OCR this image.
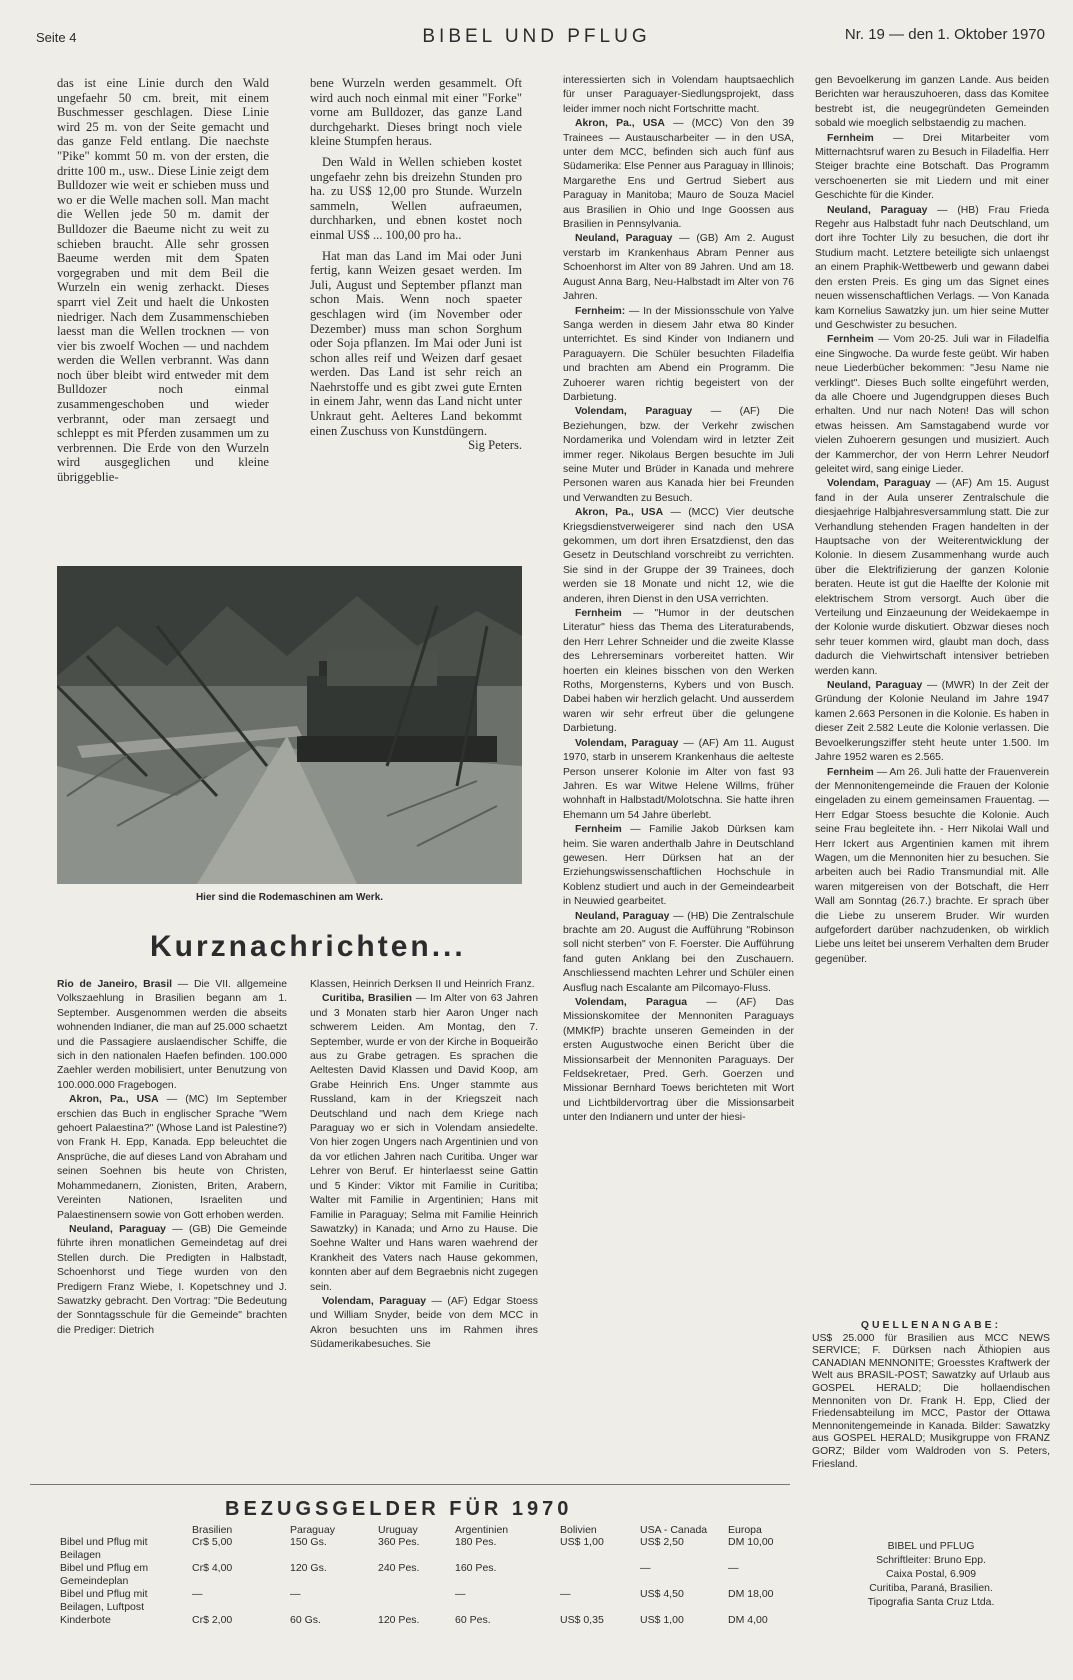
Seite 4	BIBEL UND PFLUG	Nr. 19 — den 1. Oktober 1970

das ist eine Linie durch den Wald ungefaehr 50 cm. breit, mit einem Buschmesser geschlagen. Diese Linie wird 25 m. von der Seite gemacht und das ganze Feld entlang. Die naechste "Pike" kommt 50 m. von der ersten, die dritte 100 m., usw.. Diese Linie zeigt dem Bulldozer wie weit er schieben muss und wo er die Welle machen soll. Man macht die Wellen jede 50 m. damit der Bulldozer die Baeume nicht zu weit zu schieben braucht. Alle sehr grossen Baeume werden mit dem Spaten vorgegraben und mit dem Beil die Wurzeln ein wenig zerhackt. Dieses sparrt viel Zeit und haelt die Unkosten niedriger. Nach dem Zusammenschieben laesst man die Wellen trocknen — von vier bis zwoelf Wochen — und nachdem werden die Wellen verbrannt. Was dann noch über bleibt wird entweder mit dem Bulldozer noch einmal zusammengeschoben und wieder verbrannt, oder man zersaegt und schleppt es mit Pferden zusammen um zu verbrennen. Die Erde von den Wurzeln wird ausgeglichen und kleine übriggeblie-

bene Wurzeln werden gesammelt. Oft wird auch noch einmal mit einer "Forke" vorne am Bulldozer, das ganze Land durchgeharkt. Dieses bringt noch viele kleine Stumpfen heraus.

Den Wald in Wellen schieben kostet ungefaehr zehn bis dreizehn Stunden pro ha. zu US$ 12,00 pro Stunde. Wurzeln sammeln, Wellen aufraeumen, durchharken, und ebnen kostet noch einmal US$ ... 100,00 pro ha..

Hat man das Land im Mai oder Juni fertig, kann Weizen gesaet werden. Im Juli, August und September pflanzt man schon Mais. Wenn noch spaeter geschlagen wird (im November oder Dezember) muss man schon Sorghum oder Soja pflanzen. Im Mai oder Juni ist schon alles reif und Weizen darf gesaet werden. Das Land ist sehr reich an Naehrstoffe und es gibt zwei gute Ernten in einem Jahr, wenn das Land nicht unter Unkraut geht. Aelteres Land bekommt einen Zuschuss von Kunstdüngern.

Sig Peters.

Hier sind die Rodemaschinen am Werk.
Kurznachrichten...

Rio de Janeiro, Brasil — Die VII. allgemeine Volkszaehlung in Brasilien begann am 1. September. Ausgenommen werden die abseits wohnenden Indianer, die man auf 25.000 schaetzt und die Passagiere auslaendischer Schiffe, die sich in den nationalen Haefen befinden. 100.000 Zaehler werden mobilisiert, unter Benutzung von 100.000.000 Fragebogen.

Akron, Pa., USA — (MC) Im September erschien das Buch in englischer Sprache "Wem gehoert Palaestina?" (Whose Land ist Palestine?) von Frank H. Epp, Kanada. Epp beleuchtet die Ansprüche, die auf dieses Land von Abraham und seinen Soehnen bis heute von Christen, Mohammedanern, Zionisten, Briten, Arabern, Vereinten Nationen, Israeliten und Palaestinensern sowie von Gott erhoben werden.

Neuland, Paraguay — (GB) Die Gemeinde führte ihren monatlichen Gemeindetag auf drei Stellen durch. Die Predigten in Halbstadt, Schoenhorst und Tiege wurden von den Predigern Franz Wiebe, I. Kopetschney und J. Sawatzky gebracht. Den Vortrag: "Die Bedeutung der Sonntagsschule für die Gemeinde" brachten die Prediger: Dietrich

Klassen, Heinrich Derksen II und Heinrich Franz.

Curitiba, Brasilien — Im Alter von 63 Jahren und 3 Monaten starb hier Aaron Unger nach schwerem Leiden. Am Montag, den 7. September, wurde er von der Kirche in Boqueirão aus zu Grabe getragen. Es sprachen die Aeltesten David Klassen und David Koop, am Grabe Heinrich Ens. Unger stammte aus Russland, kam in der Kriegszeit nach Deutschland und nach dem Kriege nach Paraguay wo er sich in Volendam ansiedelte. Von hier zogen Ungers nach Argentinien und von da vor etlichen Jahren nach Curitiba. Unger war Lehrer von Beruf. Er hinterlaesst seine Gattin und 5 Kinder: Viktor mit Familie in Curitiba; Walter mit Familie in Argentinien; Hans mit Familie in Paraguay; Selma mit Familie Heinrich Sawatzky) in Kanada; und Arno zu Hause. Die Soehne Walter und Hans waren waehrend der Krankheit des Vaters nach Hause gekommen, konnten aber auf dem Begraebnis nicht zugegen sein.

Volendam, Paraguay — (AF) Edgar Stoess und William Snyder, beide von dem MCC in Akron besuchten uns im Rahmen ihres Südamerikabesuches. Sie

interessierten sich in Volendam hauptsaechlich für unser Paraguayer-Siedlungsprojekt, dass leider immer noch nicht Fortschritte macht.

Akron, Pa., USA — (MCC) Von den 39 Trainees — Austauscharbeiter — in den USA, unter dem MCC, befinden sich auch fünf aus Südamerika: Else Penner aus Paraguay in Illinois; Margarethe Ens und Gertrud Siebert aus Paraguay in Manitoba; Mauro de Souza Maciel aus Brasilien in Ohio und Inge Goossen aus Brasilien in Pennsylvania.

Neuland, Paraguay — (GB) Am 2. August verstarb im Krankenhaus Abram Penner aus Schoenhorst im Alter von 89 Jahren. Und am 18. August Anna Barg, Neu-Halbstadt im Alter von 76 Jahren.

Fernheim: — In der Missionsschule von Yalve Sanga werden in diesem Jahr etwa 80 Kinder unterrichtet. Es sind Kinder von Indianern und Paraguayern. Die Schüler besuchten Filadelfia und brachten am Abend ein Programm. Die Zuhoerer waren richtig begeistert von der Darbietung.

Volendam, Paraguay — (AF) Die Beziehungen, bzw. der Verkehr zwischen Nordamerika und Volendam wird in letzter Zeit immer reger. Nikolaus Bergen besuchte im Juli seine Muter und Brüder in Kanada und mehrere Personen waren aus Kanada hier bei Freunden und Verwandten zu Besuch.

Akron, Pa., USA — (MCC) Vier deutsche Kriegsdienstverweigerer sind nach den USA gekommen, um dort ihren Ersatzdienst, den das Gesetz in Deutschland vorschreibt zu verrichten. Sie sind in der Gruppe der 39 Trainees, doch werden sie 18 Monate und nicht 12, wie die anderen, ihren Dienst in den USA verrichten.

Fernheim — "Humor in der deutschen Literatur" hiess das Thema des Literaturabends, den Herr Lehrer Schneider und die zweite Klasse des Lehrerseminars vorbereitet hatten. Wir hoerten ein kleines bisschen von den Werken Roths, Morgensterns, Kybers und von Busch. Dabei haben wir herzlich gelacht. Und ausserdem waren wir sehr erfreut über die gelungene Darbietung.

Volendam, Paraguay — (AF) Am 11. August 1970, starb in unserem Krankenhaus die aelteste Person unserer Kolonie im Alter von fast 93 Jahren. Es war Witwe Helene Willms, früher wohnhaft in Halbstadt/Molotschna. Sie hatte ihren Ehemann um 54 Jahre überlebt.

Fernheim — Familie Jakob Dürksen kam heim. Sie waren anderthalb Jahre in Deutschland gewesen. Herr Dürksen hat an der Erziehungswissenschaftlichen Hochschule in Koblenz studiert und auch in der Gemeindearbeit in Neuwied gearbeitet.

Neuland, Paraguay — (HB) Die Zentralschule brachte am 20. August die Aufführung "Robinson soll nicht sterben" von F. Foerster. Die Aufführung fand guten Anklang bei den Zuschauern. Anschliessend machten Lehrer und Schüler einen Ausflug nach Escalante am Pilcomayo-Fluss.

Volendam, Paragua — (AF) Das Missionskomitee der Mennoniten Paraguays (MMKfP) brachte unseren Gemeinden in der ersten Augustwoche einen Bericht über die Missionsarbeit der Mennoniten Paraguays. Der Feldsekretaer, Pred. Gerh. Goerzen und Missionar Bernhard Toews berichteten mit Wort und Lichtbildervortrag über die Missionsarbeit unter den Indianern und unter der hiesi-

gen Bevoelkerung im ganzen Lande. Aus beiden Berichten war herauszuhoeren, dass das Komitee bestrebt ist, die neugegründeten Gemeinden sobald wie moeglich selbstaendig zu machen.

Fernheim — Drei Mitarbeiter vom Mitternachtsruf waren zu Besuch in Filadelfia. Herr Steiger brachte eine Botschaft. Das Programm verschoenerten sie mit Liedern und mit einer Geschichte für die Kinder.

Neuland, Paraguay — (HB) Frau Frieda Regehr aus Halbstadt fuhr nach Deutschland, um dort ihre Tochter Lily zu besuchen, die dort ihr Studium macht. Letztere beteiligte sich unlaengst an einem Praphik-Wettbewerb und gewann dabei den ersten Preis. Es ging um das Signet eines neuen wissenschaftlichen Verlags. — Von Kanada kam Kornelius Sawatzky jun. um hier seine Mutter und Geschwister zu besuchen.

Fernheim — Vom 20-25. Juli war in Filadelfia eine Singwoche. Da wurde feste geübt. Wir haben neue Liederbücher bekommen: "Jesu Name nie verklingt". Dieses Buch sollte eingeführt werden, da alle Choere und Jugendgruppen dieses Buch erhalten. Und nur nach Noten! Das will schon etwas heissen. Am Samstagabend wurde vor vielen Zuhoerern gesungen und musiziert. Auch der Kammerchor, der von Herrn Lehrer Neudorf geleitet wird, sang einige Lieder.

Volendam, Paraguay — (AF) Am 15. August fand in der Aula unserer Zentralschule die diesjaehrige Halbjahresversammlung statt. Die zur Verhandlung stehenden Fragen handelten in der Hauptsache von der Weiterentwicklung der Kolonie. In diesem Zusammenhang wurde auch über die Elektrifizierung der ganzen Kolonie beraten. Heute ist gut die Haelfte der Kolonie mit elektrischem Strom versorgt. Auch über die Verteilung und Einzaeunung der Weidekaempe in der Kolonie wurde diskutiert. Obzwar dieses noch sehr teuer kommen wird, glaubt man doch, dass dadurch die Viehwirtschaft intensiver betrieben werden kann.

Neuland, Paraguay — (MWR) In der Zeit der Gründung der Kolonie Neuland im Jahre 1947 kamen 2.663 Personen in die Kolonie. Es haben in dieser Zeit 2.582 Leute die Kolonie verlassen. Die Bevoelkerungsziffer steht heute unter 1.500. Im Jahre 1952 waren es 2.565.

Fernheim — Am 26. Juli hatte der Frauenverein der Mennonitengemeinde die Frauen der Kolonie eingeladen zu einem gemeinsamen Frauentag. — Herr Edgar Stoess besuchte die Kolonie. Auch seine Frau begleitete ihn. - Herr Nikolai Wall und Herr Ickert aus Argentinien kamen mit ihrem Wagen, um die Mennoniten hier zu besuchen. Sie arbeiten auch bei Radio Transmundial mit. Alle waren mitgereisen von der Botschaft, die Herr Wall am Sonntag (26.7.) brachte. Er sprach über die Liebe zu unserem Bruder. Wir wurden aufgefordert darüber nachzudenken, ob wirklich Liebe uns leitet bei unserem Verhalten dem Bruder gegenüber.

QUELLENANGABE:
US$ 25.000 für Brasilien aus MCC NEWS SERVICE; F. Dürksen nach Äthiopien aus CANADIAN MENNONITE; Groesstes Kraftwerk der Welt aus BRASIL-POST; Sawatzky auf Urlaub aus GOSPEL HERALD; Die hollaendischen Mennoniten von Dr. Frank H. Epp, Clied der Friedensabteilung im MCC, Pastor der Ottawa Mennonitengemeinde in Kanada. Bilder: Sawatzky aus GOSPEL HERALD; Musikgruppe von FRANZ GORZ; Bilder vom Waldroden von S. Peters, Friesland.
BIBEL und PFLUG
Schriftleiter: Bruno Epp.
Caixa Postal, 6.909
Curitiba, Paraná, Brasilien.
Tipografia Santa Cruz Ltda.
BEZUGSGELDER FÜR 1970
Bibel und Pflug mit Beilagen
Bibel und Pflug em Gemeindeplan
Bibel und Pflug mit Beilagen, Luftpost
Kinderbote
Brasilien
Cr$ 5,00
Cr$ 4,00
—
Cr$ 2,00
Paraguay
150 Gs.
120 Gs.
—
60 Gs.
Uruguay
360 Pes.
240 Pes.
120 Pes.
Argentinien
180 Pes.
160 Pes.
—
60 Pes.
Bolivien
US$ 1,00
—
US$ 0,35
USA - Canada
US$ 2,50
—
US$ 4,50
US$ 1,00
Europa
DM 10,00
—
DM 18,00
DM 4,00
